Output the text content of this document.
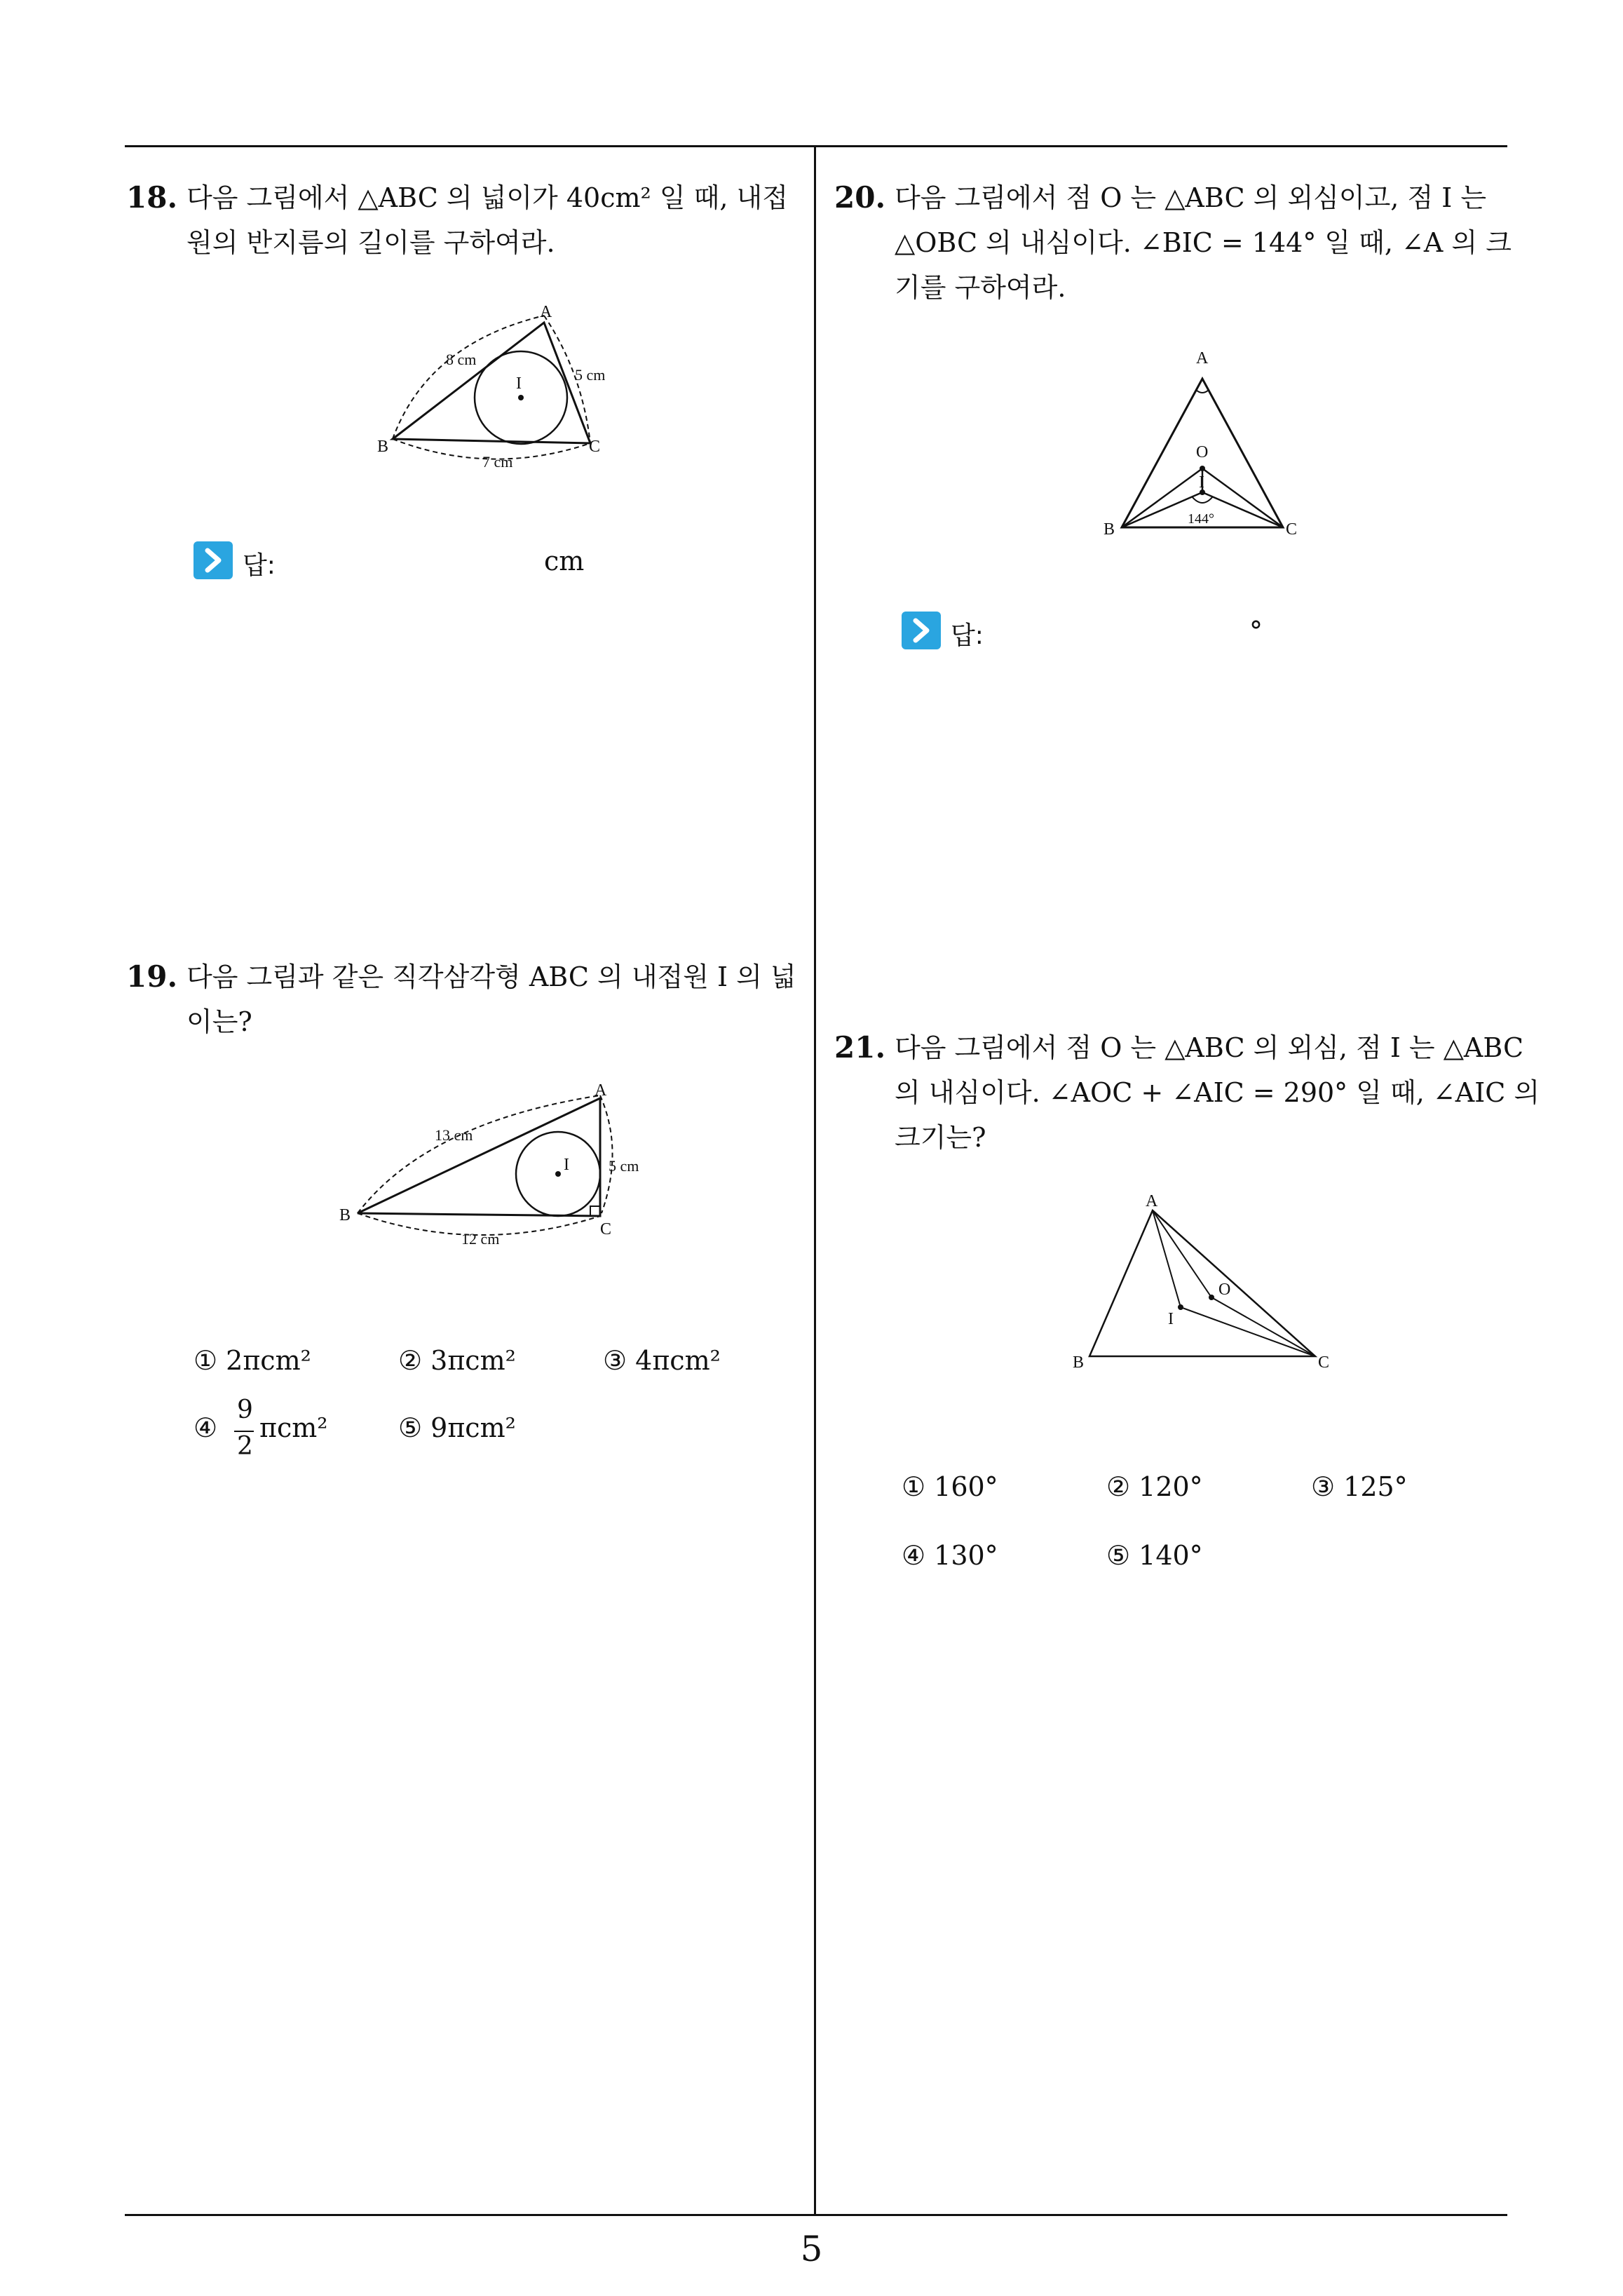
18. 다음 그림에서 △ABC 의 넓이가 40cm² 일 때, 내접
원의 반지름의 길이를 구하여라.
A
B	C
I
8 cm
5 cm
7 cm
답:	cm
19. 다음 그림과 같은 직각삼각형 ABC 의 내접원 I 의 넓
이는?
A
B
C
I
13 cm
5 cm
12 cm
① 2πcm²	② 3πcm²	③ 4πcm²
④
9
2
πcm²	⑤ 9πcm²
20. 다음 그림에서 점 O 는 △ABC 의 외심이고, 점 I 는
△OBC 의 내심이다. ∠BIC = 144° 일 때, ∠A 의 크
기를 구하여라.
A
B	C
O
I
144°
답:	°
21. 다음 그림에서 점 O 는 △ABC 의 외심, 점 I 는 △ABC
의 내심이다. ∠AOC + ∠AIC = 290° 일 때, ∠AIC 의
크기는?
A
B	C
O
I
① 160°	② 120°	③ 125°
④ 130°	⑤ 140°
5
